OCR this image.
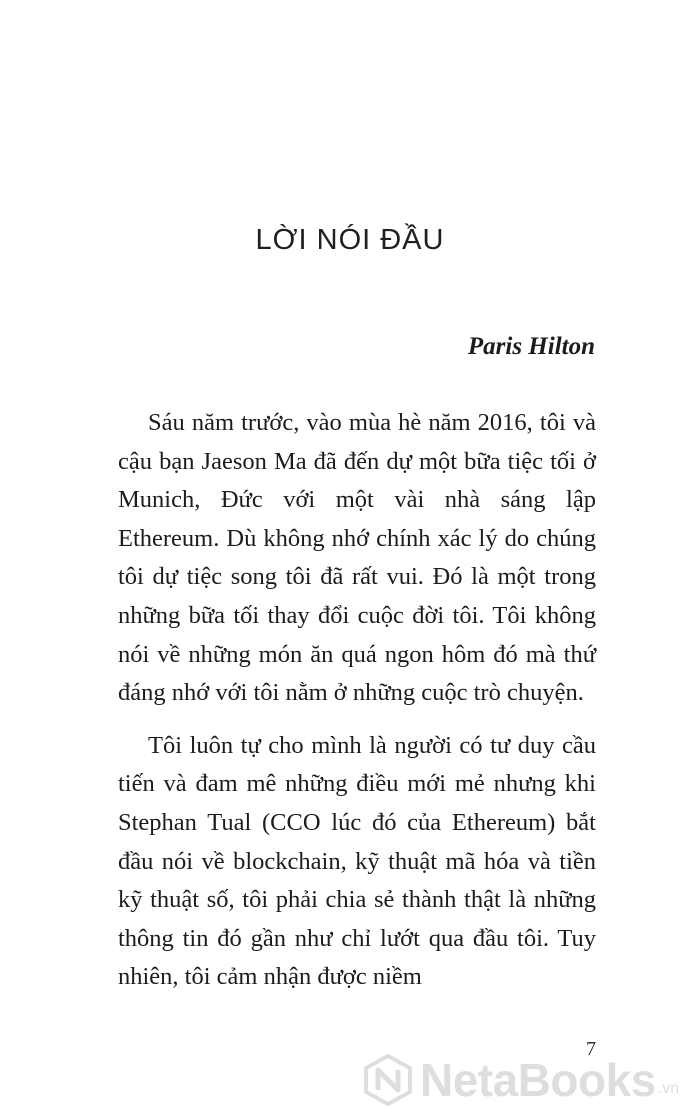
LỜI NÓI ĐẦU
Paris Hilton

Sáu năm trước, vào mùa hè năm 2016, tôi và cậu bạn Jaeson Ma đã đến dự một bữa tiệc tối ở Munich, Đức với một vài nhà sáng lập Ethereum. Dù không nhớ chính xác lý do chúng tôi dự tiệc song tôi đã rất vui. Đó là một trong những bữa tối thay đổi cuộc đời tôi. Tôi không nói về những món ăn quá ngon hôm đó mà thứ đáng nhớ với tôi nằm ở những cuộc trò chuyện.

Tôi luôn tự cho mình là người có tư duy cầu tiến và đam mê những điều mới mẻ nhưng khi Stephan Tual (CCO lúc đó của Ethereum) bắt đầu nói về blockchain, kỹ thuật mã hóa và tiền kỹ thuật số, tôi phải chia sẻ thành thật là những thông tin đó gần như chỉ lướt qua đầu tôi. Tuy nhiên, tôi cảm nhận được niềm

7
NetaBooks .vn
